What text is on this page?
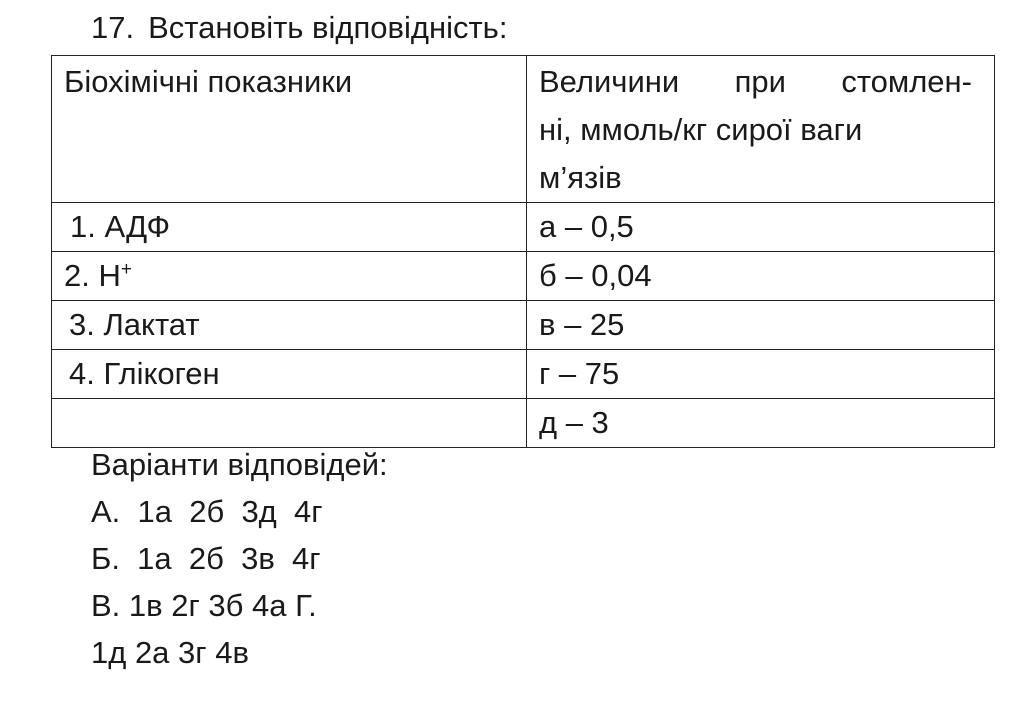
17. Встановіть відповідність:
Біохімічні показники	Величини при стомлен-
ні, ммоль/кг сирої ваги
м’язів

1. АДФ	а – 0,5
2. H+	б – 0,04
3. Лактат	в – 25
4. Глікоген	г – 75
	д – 3
Варіанти відповідей:
А.  1а  2б  3д  4г
Б.  1а  2б  3в  4г
В. 1в 2г 3б 4а Г.
1д 2а 3г 4в
